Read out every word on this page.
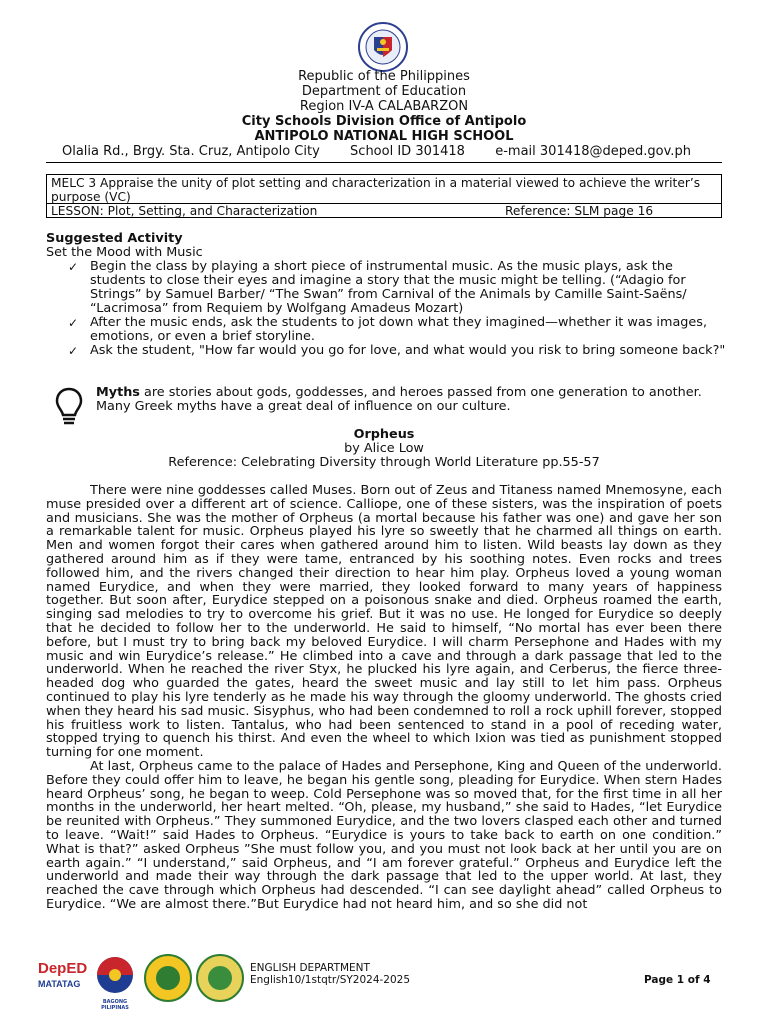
Republic of the Philippines
Department of Education
Region IV-A CALABARZON
City Schools Division Office of Antipolo
ANTIPOLO NATIONAL HIGH SCHOOL
Olalia Rd., Brgy. Sta. Cruz, Antipolo City School ID 301418 e-mail 301418@deped.gov.ph
MELC 3 Appraise the unity of plot setting and characterization in a material viewed to achieve the writer’s purpose (VC)
LESSON: Plot, Setting, and Characterization	Reference: SLM page 16
Suggested Activity
Set the Mood with Music
✓ Begin the class by playing a short piece of instrumental music. As the music plays, ask the students to close their eyes and imagine a story that the music might be telling. (“Adagio for Strings” by Samuel Barber/ “The Swan” from Carnival of the Animals by Camille Saint-Saëns/ “Lacrimosa” from Requiem by Wolfgang Amadeus Mozart)
✓ After the music ends, ask the students to jot down what they imagined—whether it was images, emotions, or even a brief storyline.
✓ Ask the student, "How far would you go for love, and what would you risk to bring someone back?"
Myths are stories about gods, goddesses, and heroes passed from one generation to another. Many Greek myths have a great deal of influence on our culture.
Orpheus
by Alice Low
Reference: Celebrating Diversity through World Literature pp.55-57

There were nine goddesses called Muses. Born out of Zeus and Titaness named Mnemosyne, each muse presided over a different art of science. Calliope, one of these sisters, was the inspiration of poets and musicians. She was the mother of Orpheus (a mortal because his father was one) and gave her son a remarkable talent for music. Orpheus played his lyre so sweetly that he charmed all things on earth. Men and women forgot their cares when gathered around him to listen. Wild beasts lay down as they gathered around him as if they were tame, entranced by his soothing notes. Even rocks and trees followed him, and the rivers changed their direction to hear him play. Orpheus loved a young woman named Eurydice, and when they were married, they looked forward to many years of happiness together. But soon after, Eurydice stepped on a poisonous snake and died. Orpheus roamed the earth, singing sad melodies to try to overcome his grief. But it was no use. He longed for Eurydice so deeply that he decided to follow her to the underworld. He said to himself, “No mortal has ever been there before, but I must try to bring back my beloved Eurydice. I will charm Persephone and Hades with my music and win Eurydice’s release.” He climbed into a cave and through a dark passage that led to the underworld. When he reached the river Styx, he plucked his lyre again, and Cerberus, the fierce three-headed dog who guarded the gates, heard the sweet music and lay still to let him pass. Orpheus continued to play his lyre tenderly as he made his way through the gloomy underworld. The ghosts cried when they heard his sad music. Sisyphus, who had been condemned to roll a rock uphill forever, stopped his fruitless work to listen. Tantalus, who had been sentenced to stand in a pool of receding water, stopped trying to quench his thirst. And even the wheel to which Ixion was tied as punishment stopped turning for one moment.

At last, Orpheus came to the palace of Hades and Persephone, King and Queen of the underworld. Before they could offer him to leave, he began his gentle song, pleading for Eurydice. When stern Hades heard Orpheus’ song, he began to weep. Cold Persephone was so moved that, for the first time in all her months in the underworld, her heart melted. “Oh, please, my husband,” she said to Hades, “let Eurydice be reunited with Orpheus.” They summoned Eurydice, and the two lovers clasped each other and turned to leave. “Wait!” said Hades to Orpheus. “Eurydice is yours to take back to earth on one condition.” What is that?” asked Orpheus ”She must follow you, and you must not look back at her until you are on earth again.” “I understand,” said Orpheus, and “I am forever grateful.” Orpheus and Eurydice left the underworld and made their way through the dark passage that led to the upper world. At last, they reached the cave through which Orpheus had descended. “I can see daylight ahead” called Orpheus to Eurydice. “We are almost there.”But Eurydice had not heard him, and so she did not

DepED
MATATAG
BAGONG PILIPINAS
ENGLISH DEPARTMENT
English10/1stqtr/SY2024-2025	Page 1 of 4
